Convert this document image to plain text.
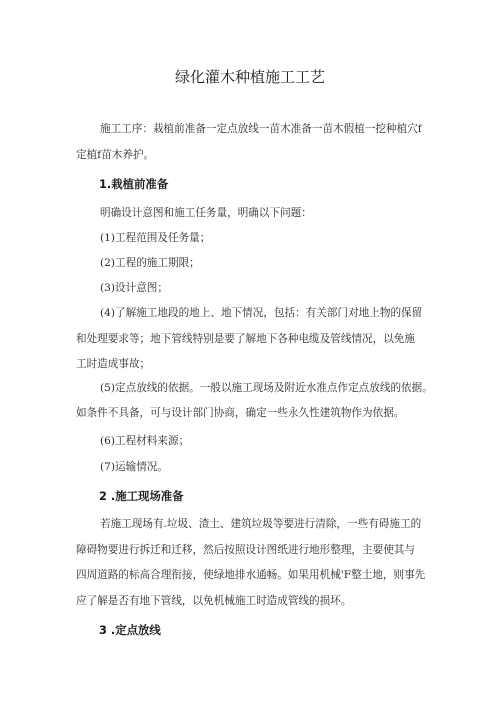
绿化灌木种植施工工艺
施工工序：栽植前准备一定点放线一苗木准备一苗木假植一挖种植穴f
定植f苗木养护。
1.栽植前准备
明确设计意图和施工任务量，明确以下问题：
(1)工程范围及任务量；
(2)工程的施工期限；
(3)设计意图；
(4)了解施工地段的地上、地下情况，包括：有关部门对地上物的保留
和处理要求等；地下管线特别是要了解地下各种电缆及管线情况，以免施
工时造成事故；
(5)定点放线的依据。一般以施工现场及附近水准点作定点放线的依据。
如条件不具备，可与设计部门协商，确定一些永久性建筑物作为依据。
(6)工程材料来源；
(7)运输情况。
2 .施工现场准备
若施工现场有.垃圾、渣土、建筑垃圾等要进行清除，一些有碍施工的
障碍物要进行拆迁和迁移，然后按照设计图纸进行地形整理，主要使其与
四周道路的标高合理衔接，使绿地排水通畅。如果用机械'F整土地，则事先
应了解是否有地下管线，以免机械施工时造成管线的损坏。
3 .定点放线
